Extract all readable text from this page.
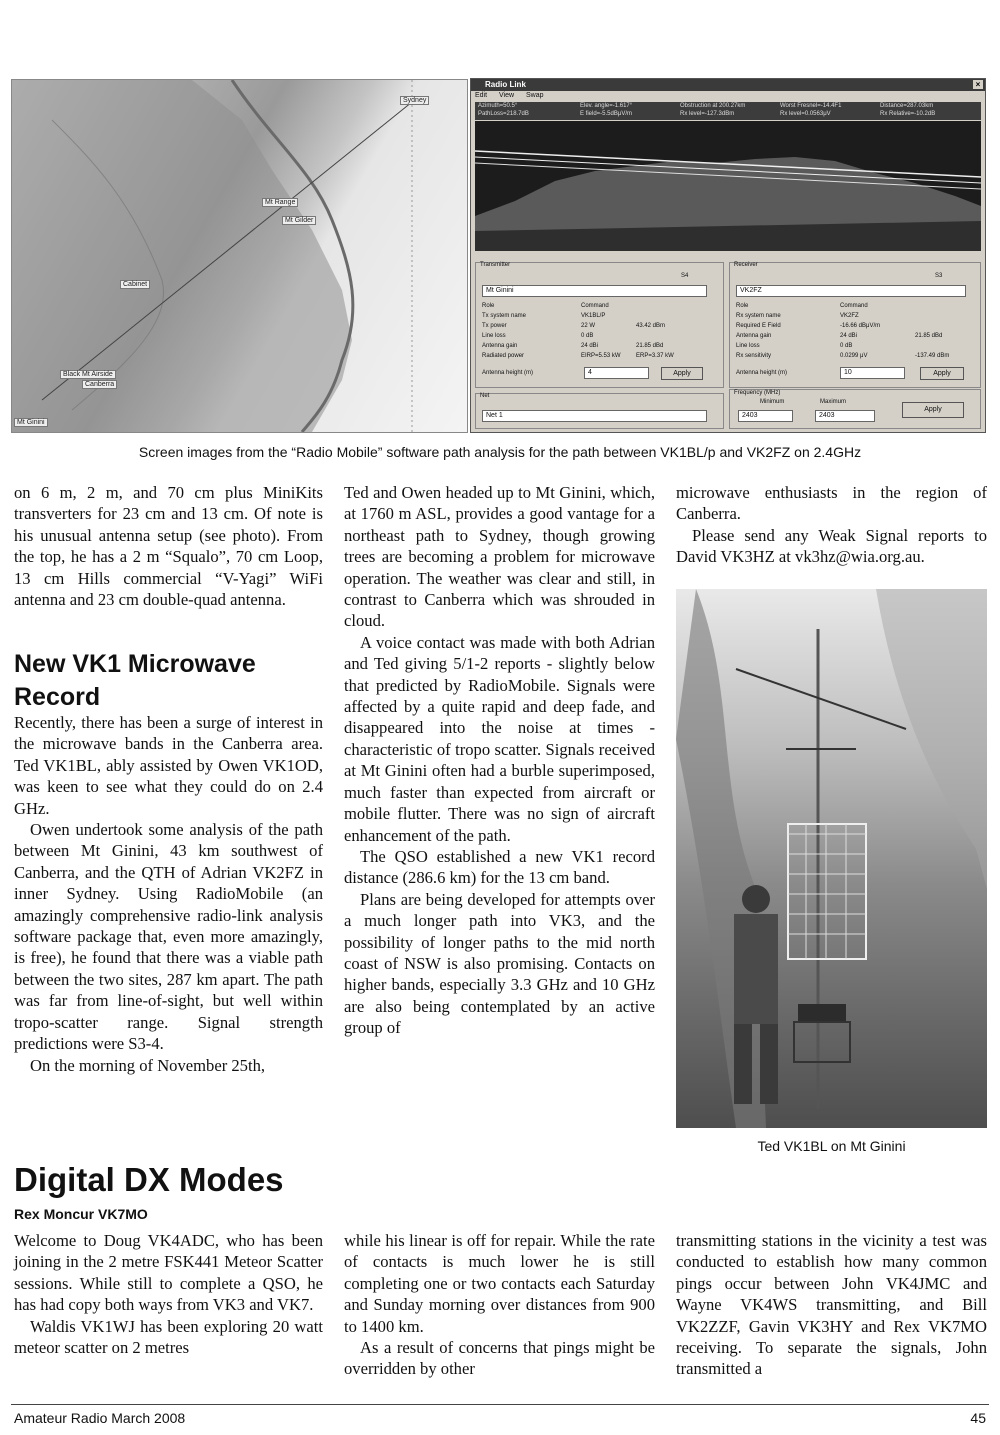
Sydney
Mt Ginini
Canberra
Black Mt Airside
Cabinet
Mt Gilder
Mt Range
Radio Link	×
Edit View Swap
Azimuth=50.5°
PathLoss=218.7dB
Elev. angle=-1.617°
E field=-5.5dBμV/m
Obstruction at 200.27km
Rx level=-127.3dBm
Worst Fresnel=-14.4F1
Rx level=0.0563μV
Distance=287.03km
Rx Relative=-10.2dB
Transmitter
S4
Mt Ginini
Role	Command
Tx system name	VK1BL/P
Tx power	22 W	43.42 dBm
Line loss	0 dB
Antenna gain	24 dBi	21.85 dBd
Radiated power	EIRP=5.53 kW	ERP=3.37 kW
Antenna height (m)	4	Apply
Receiver
S3
VK2FZ
Role	Command
Rx system name	VK2FZ
Required E Field	-16.66 dBμV/m
Antenna gain	24 dBi	21.85 dBd
Line loss	0 dB
Rx sensitivity	0.0299 μV	-137.49 dBm
Antenna height (m)	10	Apply
Net
Net 1
Frequency (MHz)
Minimum	Maximum
2403	2403
Apply
Screen images from the “Radio Mobile” software path analysis for the path between VK1BL/p and VK2FZ on 2.4GHz

on 6 m, 2 m, and 70 cm plus MiniKits transverters for 23 cm and 13 cm. Of note is his unusual antenna setup (see photo). From the top, he has a 2 m “Squalo”, 70 cm Loop, 13 cm Hills commercial “V-Yagi” WiFi antenna and 23 cm double-quad antenna.

New VK1 Microwave Record

Recently, there has been a surge of interest in the microwave bands in the Canberra area. Ted VK1BL, ably assisted by Owen VK1OD, was keen to see what they could do on 2.4 GHz.

Owen undertook some analysis of the path between Mt Ginini, 43 km southwest of Canberra, and the QTH of Adrian VK2FZ in inner Sydney. Using RadioMobile (an amazingly comprehensive radio-link analysis software package that, even more amazingly, is free), he found that there was a viable path between the two sites, 287 km apart. The path was far from line-of-sight, but well within tropo-scatter range. Signal strength predictions were S3-4.

On the morning of November 25th,

Ted and Owen headed up to Mt Ginini, which, at 1760 m ASL, provides a good vantage for a northeast path to Sydney, though growing trees are becoming a problem for microwave operation. The weather was clear and still, in contrast to Canberra which was shrouded in cloud.

A voice contact was made with both Adrian and Ted giving 5/1-2 reports - slightly below that predicted by RadioMobile. Signals were affected by a quite rapid and deep fade, and disappeared into the noise at times - characteristic of tropo scatter. Signals received at Mt Ginini often had a burble superimposed, much faster than expected from aircraft or mobile flutter. There was no sign of aircraft enhancement of the path.

The QSO established a new VK1 record distance (286.6 km) for the 13 cm band.

Plans are being developed for attempts over a much longer path into VK3, and the possibility of longer paths to the mid north coast of NSW is also promising. Contacts on higher bands, especially 3.3 GHz and 10 GHz are also being contemplated by an active group of

microwave enthusiasts in the region of Canberra.

Please send any Weak Signal reports to David VK3HZ at vk3hz@wia.org.au.

Ted VK1BL on Mt Ginini
Digital DX Modes
Rex Moncur VK7MO

Welcome to Doug VK4ADC, who has been joining in the 2 metre FSK441 Meteor Scatter sessions. While still to complete a QSO, he has had copy both ways from VK3 and VK7.

Waldis VK1WJ has been exploring 20 watt meteor scatter on 2 metres

while his linear is off for repair. While the rate of contacts is much lower he is still completing one or two contacts each Saturday and Sunday morning over distances from 900 to 1400 km.

As a result of concerns that pings might be overridden by other

transmitting stations in the vicinity a test was conducted to establish how many common pings occur between John VK4JMC and Wayne VK4WS transmitting, and Bill VK2ZZF, Gavin VK3HY and Rex VK7MO receiving. To separate the signals, John transmitted a

Amateur Radio March 2008	45
